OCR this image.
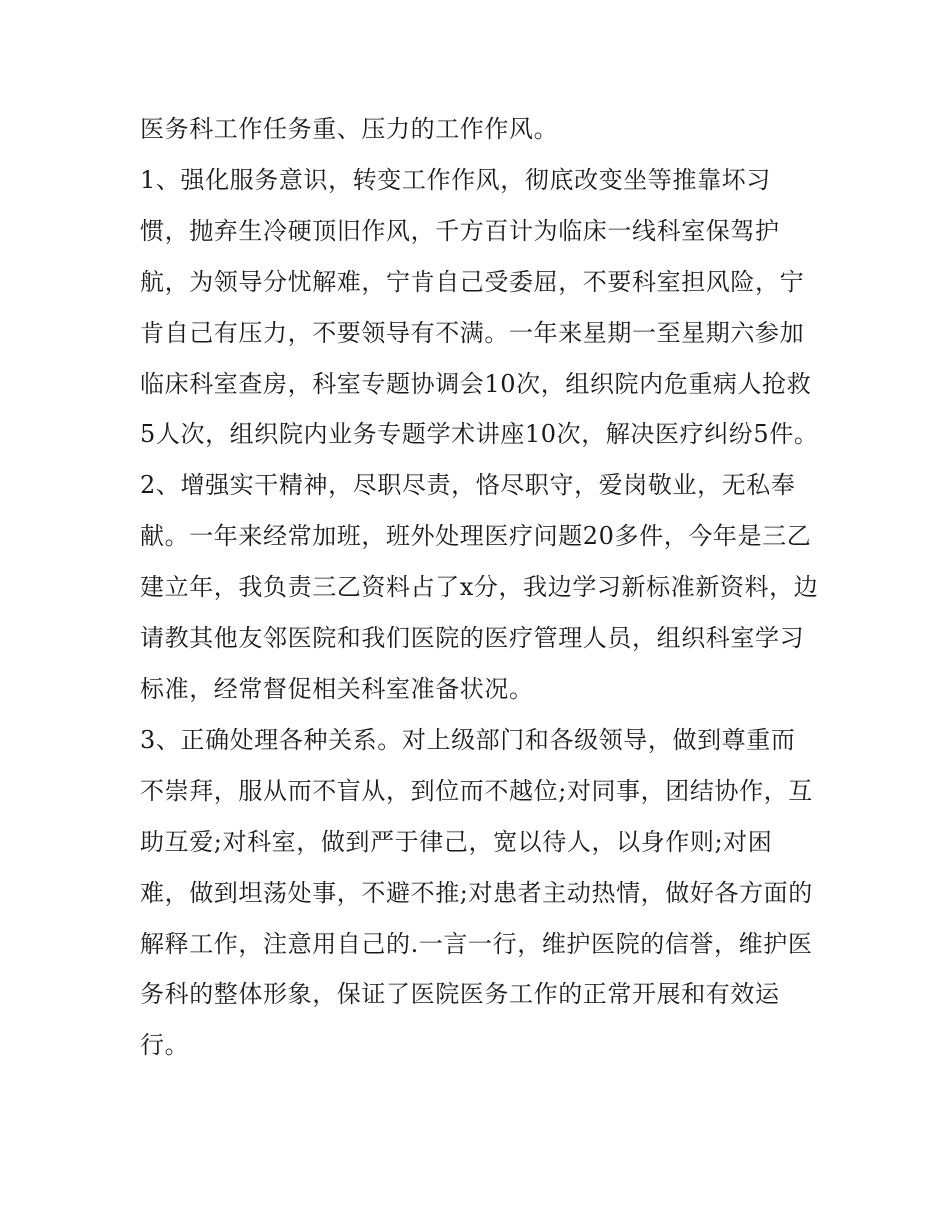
医务科工作任务重、压力的工作作风。

1、强化服务意识，转变工作作风，彻底改变坐等推靠坏习惯，抛弃生冷硬顶旧作风，千方百计为临床一线科室保驾护航，为领导分忧解难，宁肯自己受委屈，不要科室担风险，宁肯自己有压力，不要领导有不满。一年来星期一至星期六参加临床科室查房，科室专题协调会10次，组织院内危重病人抢救5人次，组织院内业务专题学术讲座10次，解决医疗纠纷5件。

2、增强实干精神，尽职尽责，恪尽职守，爱岗敬业，无私奉献。一年来经常加班，班外处理医疗问题20多件，今年是三乙建立年，我负责三乙资料占了x分，我边学习新标准新资料，边请教其他友邻医院和我们医院的医疗管理人员，组织科室学习标准，经常督促相关科室准备状况。

3、正确处理各种关系。对上级部门和各级领导，做到尊重而不崇拜，服从而不盲从，到位而不越位;对同事，团结协作，互助互爱;对科室，做到严于律己，宽以待人，以身作则;对困难，做到坦荡处事，不避不推;对患者主动热情，做好各方面的解释工作，注意用自己的.一言一行，维护医院的信誉，维护医务科的整体形象，保证了医院医务工作的正常开展和有效运行。
